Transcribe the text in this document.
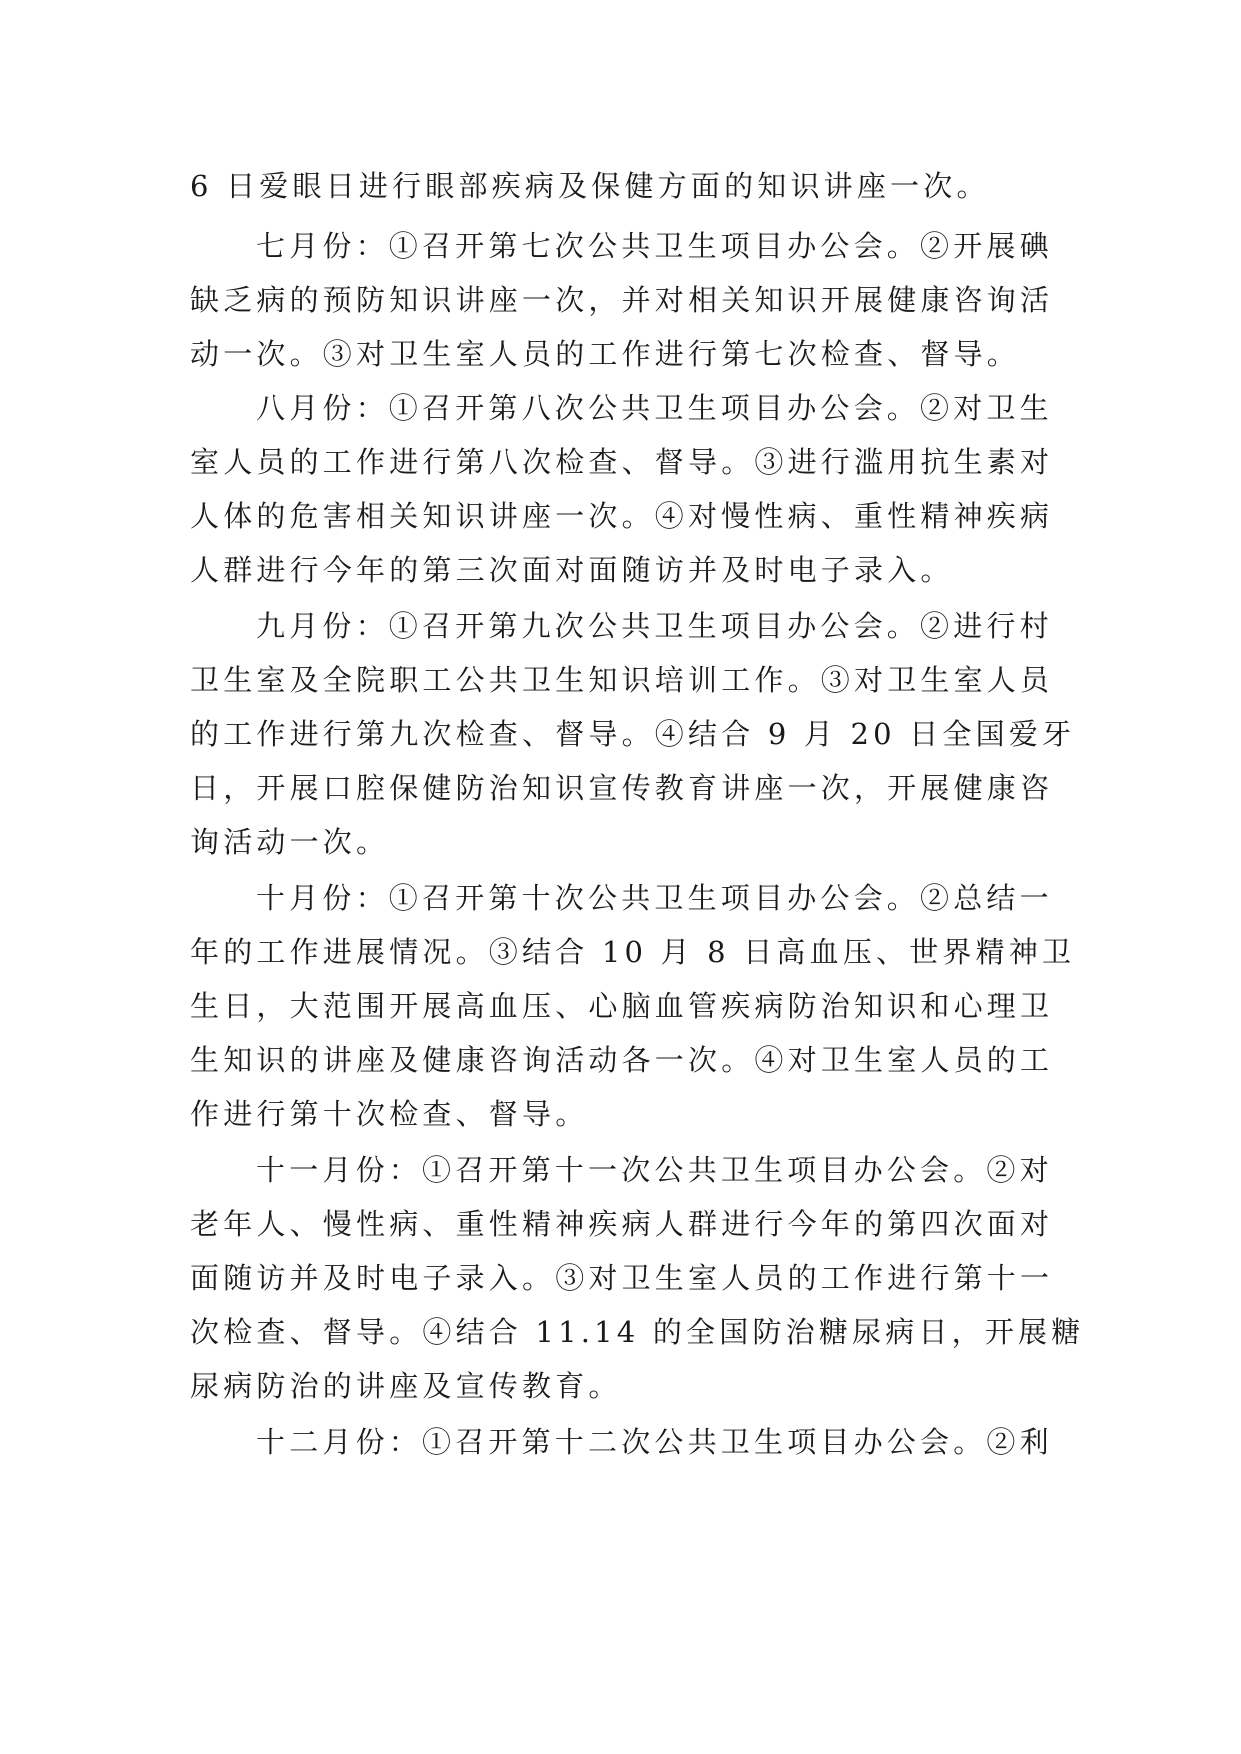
6 日爱眼日进行眼部疾病及保健方面的知识讲座一次。
七月份：①召开第七次公共卫生项目办公会。②开展碘
缺乏病的预防知识讲座一次，并对相关知识开展健康咨询活
动一次。③对卫生室人员的工作进行第七次检查、督导。
八月份：①召开第八次公共卫生项目办公会。②对卫生
室人员的工作进行第八次检查、督导。③进行滥用抗生素对
人体的危害相关知识讲座一次。④对慢性病、重性精神疾病
人群进行今年的第三次面对面随访并及时电子录入。
九月份：①召开第九次公共卫生项目办公会。②进行村
卫生室及全院职工公共卫生知识培训工作。③对卫生室人员
的工作进行第九次检查、督导。④结合 9 月 20 日全国爱牙
日，开展口腔保健防治知识宣传教育讲座一次，开展健康咨
询活动一次。
十月份：①召开第十次公共卫生项目办公会。②总结一
年的工作进展情况。③结合 10 月 8 日高血压、世界精神卫
生日，大范围开展高血压、心脑血管疾病防治知识和心理卫
生知识的讲座及健康咨询活动各一次。④对卫生室人员的工
作进行第十次检查、督导。
十一月份：①召开第十一次公共卫生项目办公会。②对
老年人、慢性病、重性精神疾病人群进行今年的第四次面对
面随访并及时电子录入。③对卫生室人员的工作进行第十一
次检查、督导。④结合 11.14 的全国防治糖尿病日，开展糖
尿病防治的讲座及宣传教育。
十二月份：①召开第十二次公共卫生项目办公会。②利
